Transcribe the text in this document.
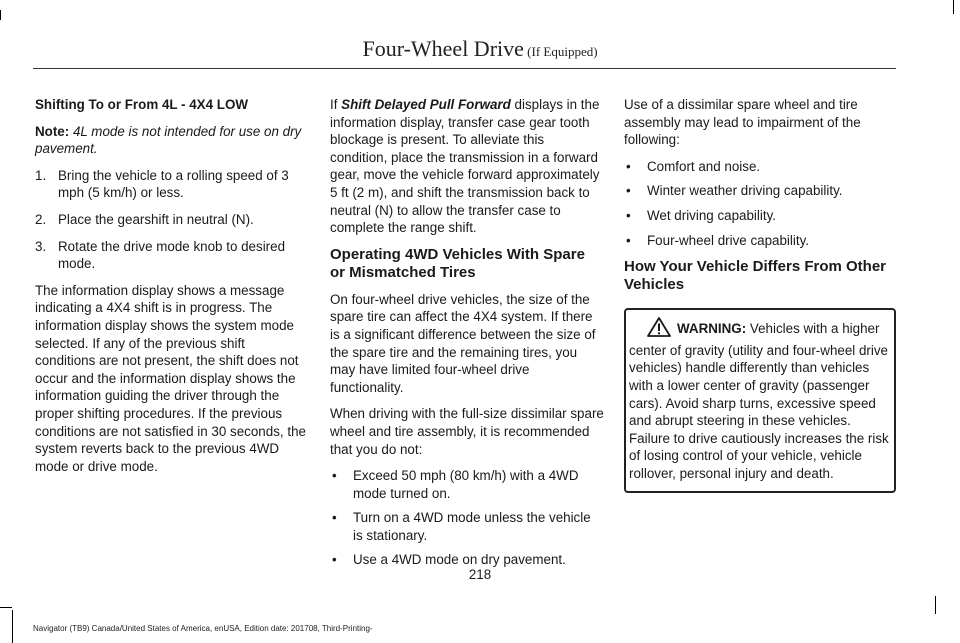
Four-Wheel Drive (If Equipped)

Shifting To or From 4L - 4X4 LOW

Note: 4L mode is not intended for use on dry pavement.

1. Bring the vehicle to a rolling speed of 3 mph (5 km/h) or less.
2. Place the gearshift in neutral (N).
3. Rotate the drive mode knob to desired mode.

The information display shows a message indicating a 4X4 shift is in progress. The information display shows the system mode selected. If any of the previous shift conditions are not present, the shift does not occur and the information display shows the information guiding the driver through the proper shifting procedures. If the previous conditions are not satisfied in 30 seconds, the system reverts back to the previous 4WD mode or drive mode.

If Shift Delayed Pull Forward displays in the information display, transfer case gear tooth blockage is present. To alleviate this condition, place the transmission in a forward gear, move the vehicle forward approximately 5 ft (2 m), and shift the transmission back to neutral (N) to allow the transfer case to complete the range shift.

Operating 4WD Vehicles With Spare or Mismatched Tires

On four-wheel drive vehicles, the size of the spare tire can affect the 4X4 system. If there is a significant difference between the size of the spare tire and the remaining tires, you may have limited four-wheel drive functionality.

When driving with the full-size dissimilar spare wheel and tire assembly, it is recommended that you do not:

• Exceed 50 mph (80 km/h) with a 4WD mode turned on.
• Turn on a 4WD mode unless the vehicle is stationary.
• Use a 4WD mode on dry pavement.

Use of a dissimilar spare wheel and tire assembly may lead to impairment of the following:

• Comfort and noise.
• Winter weather driving capability.
• Wet driving capability.
• Four-wheel drive capability.

How Your Vehicle Differs From Other Vehicles

WARNING: Vehicles with a higher center of gravity (utility and four-wheel drive vehicles) handle differently than vehicles with a lower center of gravity (passenger cars). Avoid sharp turns, excessive speed and abrupt steering in these vehicles. Failure to drive cautiously increases the risk of losing control of your vehicle, vehicle rollover, personal injury and death.
218
Navigator (TB9) Canada/United States of America, enUSA, Edition date: 201708, Third-Printing-
